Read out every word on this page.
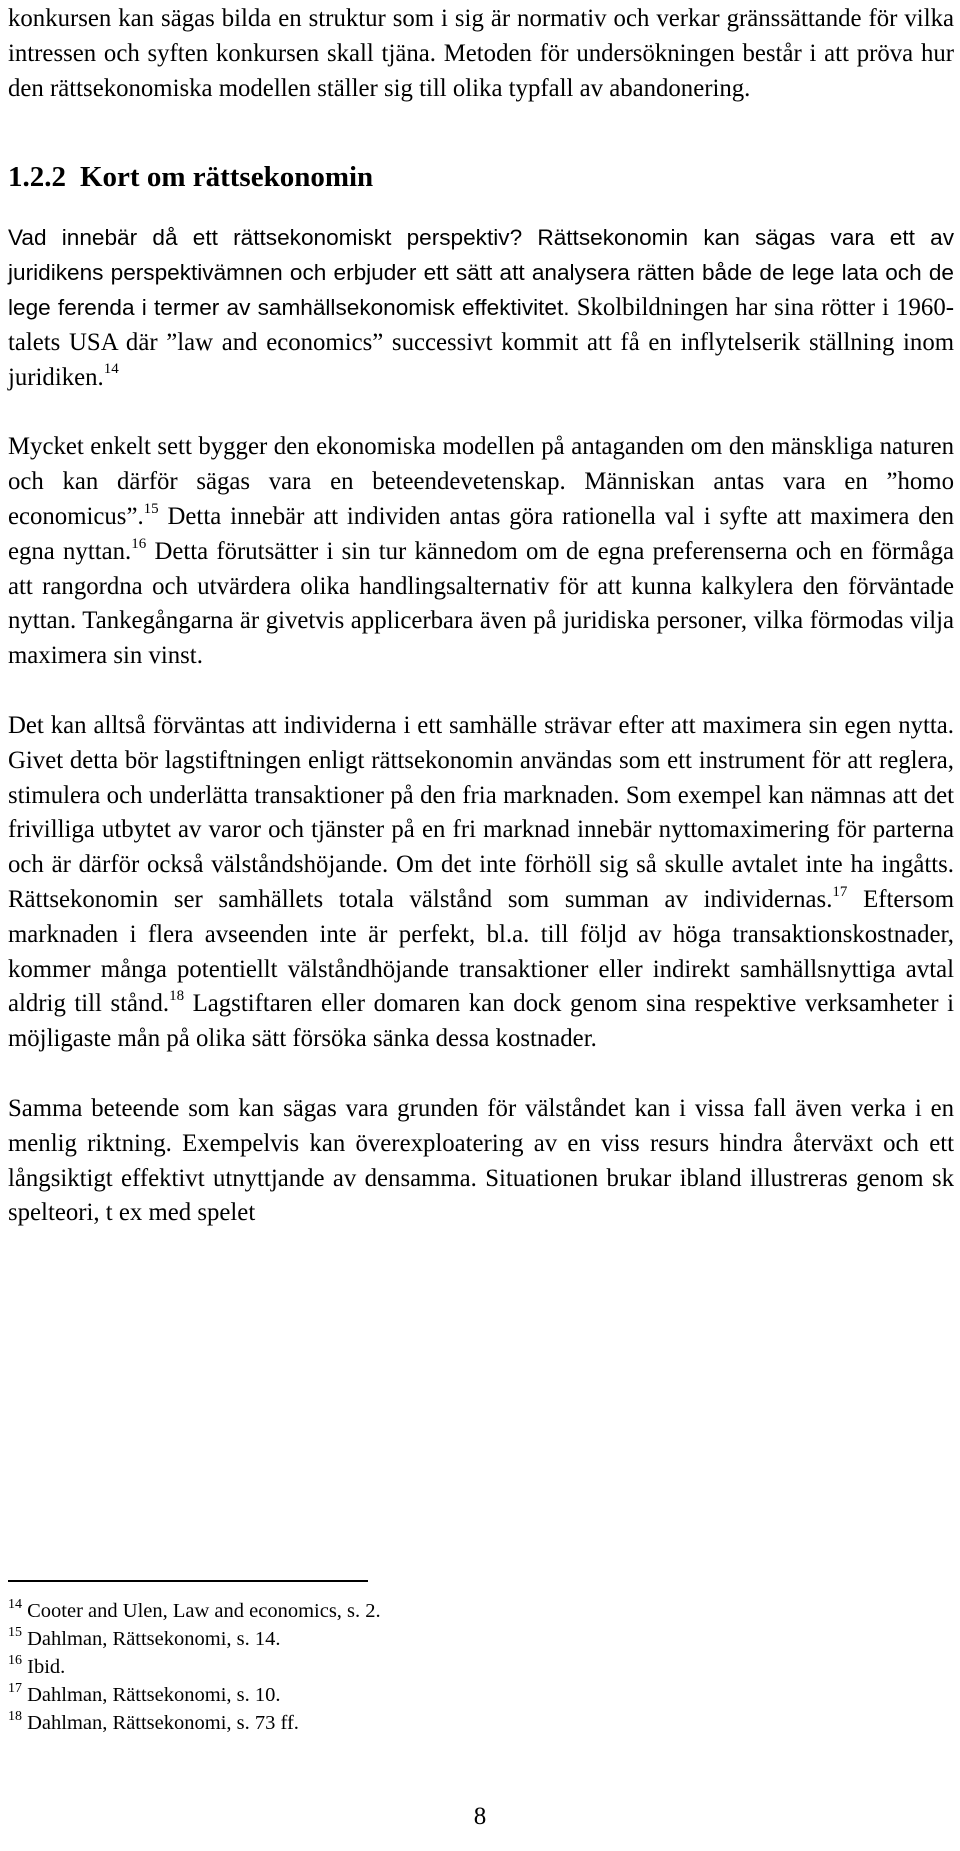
konkursen kan sägas bilda en struktur som i sig är normativ och verkar gränssättande för vilka intressen och syften konkursen skall tjäna. Metoden för undersökningen består i att pröva hur den rättsekonomiska modellen ställer sig till olika typfall av abandonering.

1.2.2 Kort om rättsekonomin

Vad innebär då ett rättsekonomiskt perspektiv? Rättsekonomin kan sägas vara ett av juridikens perspektivämnen och erbjuder ett sätt att analysera rätten både de lege lata och de lege ferenda i termer av samhällsekonomisk effektivitet. Skolbildningen har sina rötter i 1960-talets USA där ”law and economics” successivt kommit att få en inflytelserik ställning inom juridiken.$^{14}$

Mycket enkelt sett bygger den ekonomiska modellen på antaganden om den mänskliga naturen och kan därför sägas vara en beteendevetenskap. Människan antas vara en ”homo economicus”.$^{15}$ Detta innebär att individen antas göra rationella val i syfte att maximera den egna nyttan.$^{16}$ Detta förutsätter i sin tur kännedom om de egna preferenserna och en förmåga att rangordna och utvärdera olika handlingsalternativ för att kunna kalkylera den förväntade nyttan. Tankegångarna är givetvis applicerbara även på juridiska personer, vilka förmodas vilja maximera sin vinst.

Det kan alltså förväntas att individerna i ett samhälle strävar efter att maximera sin egen nytta. Givet detta bör lagstiftningen enligt rättsekonomin användas som ett instrument för att reglera, stimulera och underlätta transaktioner på den fria marknaden. Som exempel kan nämnas att det frivilliga utbytet av varor och tjänster på en fri marknad innebär nyttomaximering för parterna och är därför också välståndshöjande. Om det inte förhöll sig så skulle avtalet inte ha ingåtts. Rättsekonomin ser samhällets totala välstånd som summan av individernas.$^{17}$ Eftersom marknaden i flera avseenden inte är perfekt, bl.a. till följd av höga transaktionskostnader, kommer många potentiellt välståndhöjande transaktioner eller indirekt samhällsnyttiga avtal aldrig till stånd.$^{18}$ Lagstiftaren eller domaren kan dock genom sina respektive verksamheter i möjligaste mån på olika sätt försöka sänka dessa kostnader.

Samma beteende som kan sägas vara grunden för välståndet kan i vissa fall även verka i en menlig riktning. Exempelvis kan överexploatering av en viss resurs hindra återväxt och ett långsiktigt effektivt utnyttjande av densamma. Situationen brukar ibland illustreras genom sk spelteori, t ex med spelet

$^{14}$ Cooter and Ulen, Law and economics, s. 2.
$^{15}$ Dahlman, Rättsekonomi, s. 14.
$^{16}$ Ibid.
$^{17}$ Dahlman, Rättsekonomi, s. 10.
$^{18}$ Dahlman, Rättsekonomi, s. 73 ff.
8
